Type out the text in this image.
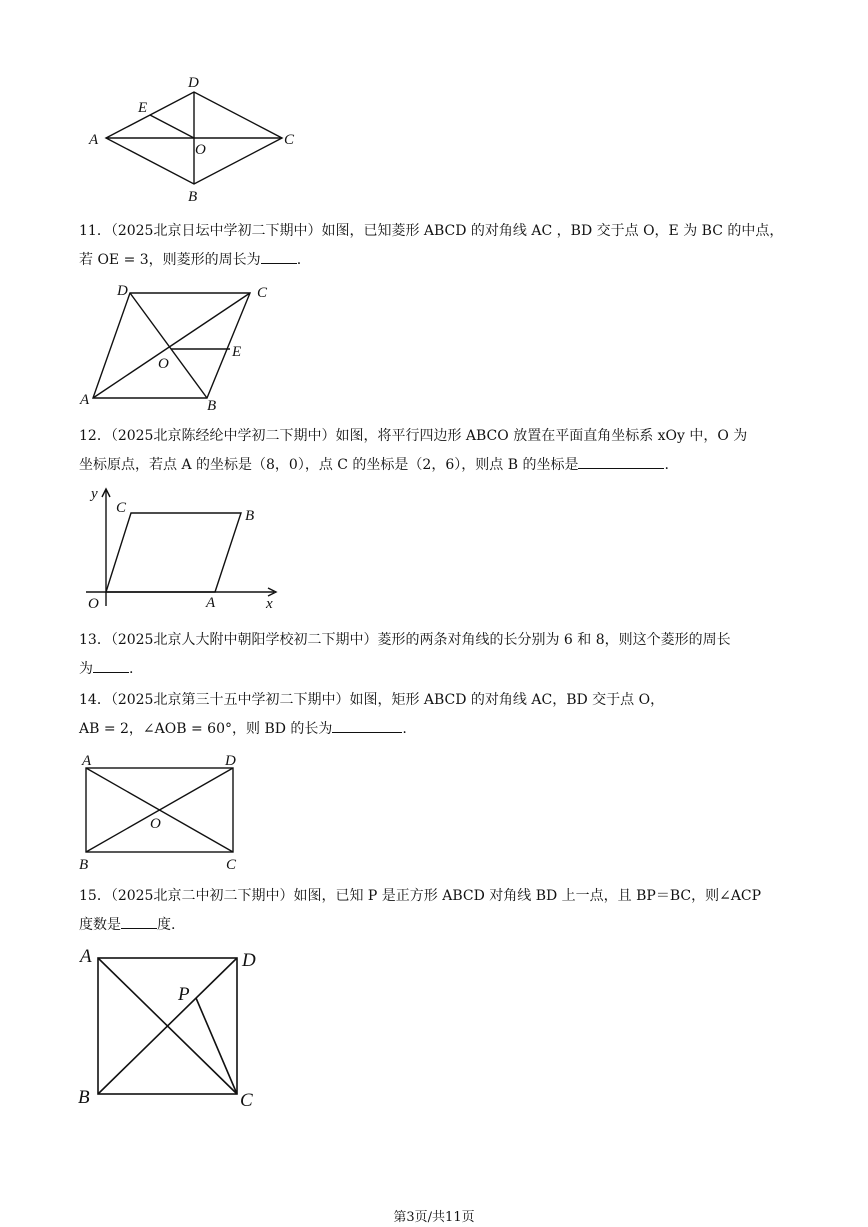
A
D
E
O
C
B
11．（2025北京日坛中学初二下期中）如图，已知菱形 ABCD 的对角线 AC ，BD 交于点 O，E 为 BC 的中点，
若 OE = 3，则菱形的周长为	.
D	C
E
O
A	B
12．（2025北京陈经纶中学初二下期中）如图，将平行四边形 ABCO 放置在平面直角坐标系 xOy 中，O 为
坐标原点，若点 A 的坐标是（8，0），点 C 的坐标是（2，6），则点 B 的坐标是	.
y
C	B
O	A	x
13．（2025北京人大附中朝阳学校初二下期中）菱形的两条对角线的长分别为 6 和 8，则这个菱形的周长
为	.
14．（2025北京第三十五中学初二下期中）如图，矩形 ABCD 的对角线 AC，BD 交于点 O，
AB = 2，∠AOB = 60°，则 BD 的长为	.
A	D
O
B	C
15．（2025北京二中初二下期中）如图，已知 P 是正方形 ABCD 对角线 BD 上一点，且 BP＝BC，则∠ACP
度数是	度.
A	D
P
B	C
第3页/共11页
